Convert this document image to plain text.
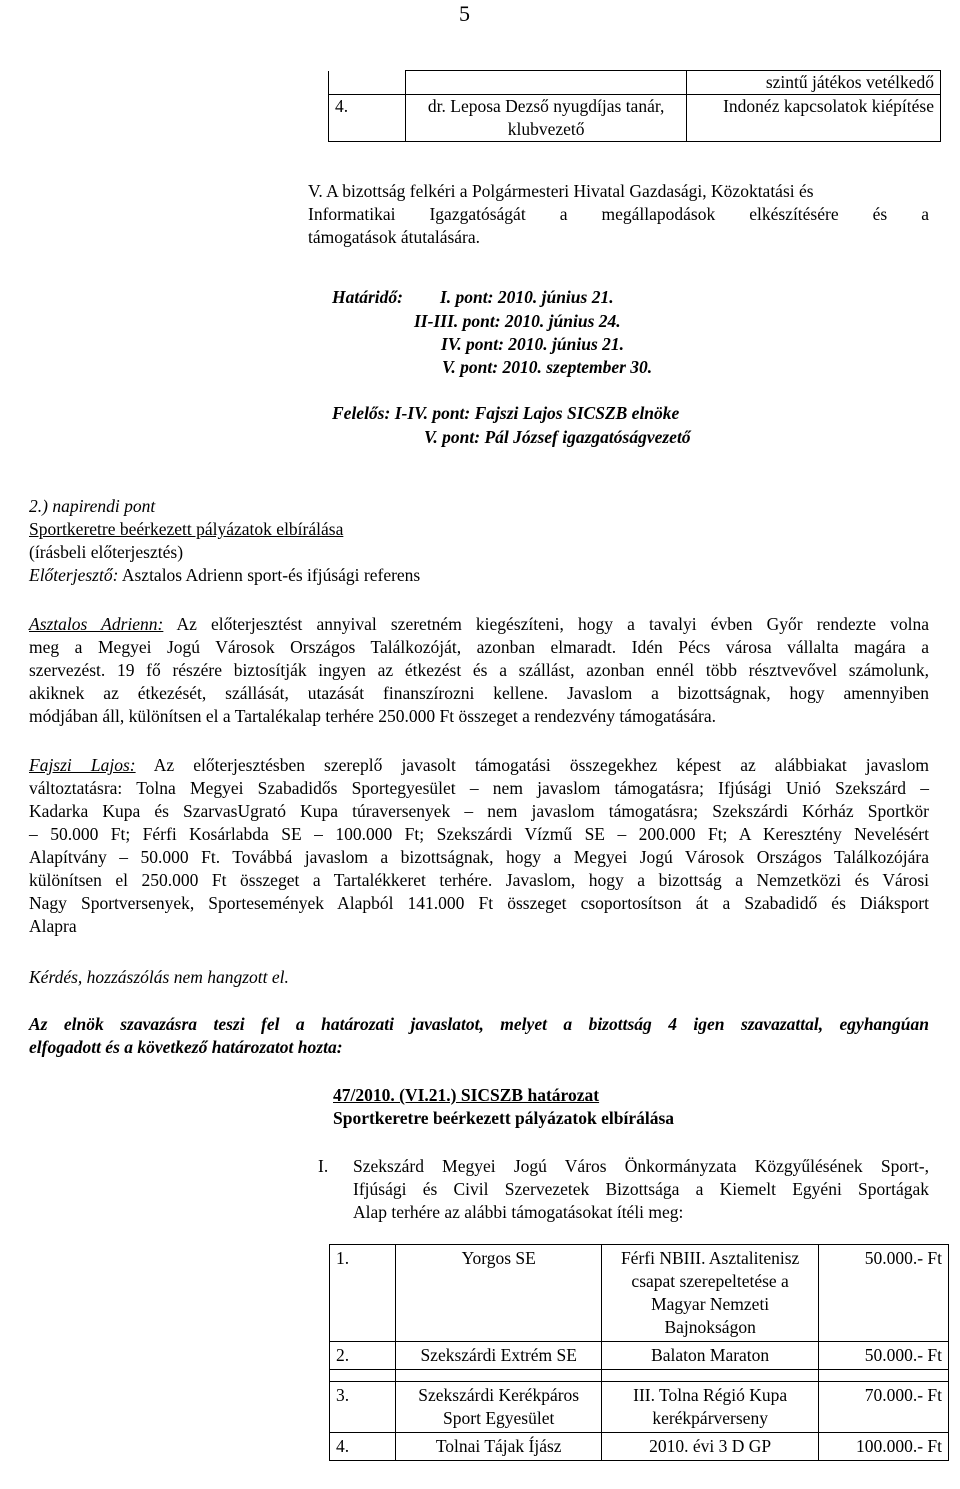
5
		szintű játékos vetélkedő
4.	dr. Leposa Dezső nyugdíjas tanár, klubvezető	Indonéz kapcsolatok kiépítése
V. A bizottság felkéri a Polgármesteri Hivatal Gazdasági, Közoktatási és
Informatikai Igazgatóságát a megállapodások elkészítésére és a
támogatások átutalására.
Határidő: I. pont: 2010. június 21.
II-III. pont: 2010. június 24.
IV. pont: 2010. június 21.
V. pont: 2010. szeptember 30.
Felelős: I-IV. pont: Fajszi Lajos SICSZB elnöke
V. pont: Pál József igazgatóságvezető
2.) napirendi pont
Sportkeretre beérkezett pályázatok elbírálása
(írásbeli előterjesztés)
Előterjesztő: Asztalos Adrienn sport-és ifjúsági referens
Asztalos Adrienn: Az előterjesztést annyival szeretném kiegészíteni, hogy a tavalyi évben Győr rendezte volna
meg a Megyei Jogú Városok Országos Találkozóját, azonban elmaradt. Idén Pécs városa vállalta magára a
szervezést. 19 fő részére biztosítják ingyen az étkezést és a szállást, azonban ennél több résztvevővel számolunk,
akiknek az étkezését, szállását, utazását finanszírozni kellene. Javaslom a bizottságnak, hogy amennyiben
módjában áll, különítsen el a Tartalékalap terhére 250.000 Ft összeget a rendezvény támogatására.
Fajszi Lajos: Az előterjesztésben szereplő javasolt támogatási összegekhez képest az alábbiakat javaslom
változtatásra: Tolna Megyei Szabadidős Sportegyesület – nem javaslom támogatásra; Ifjúsági Unió Szekszárd –
Kadarka Kupa és SzarvasUgrató Kupa túraversenyek – nem javaslom támogatásra; Szekszárdi Kórház Sportkör
– 50.000 Ft; Férfi Kosárlabda SE – 100.000 Ft; Szekszárdi Vízmű SE – 200.000 Ft; A Keresztény Nevelésért
Alapítvány – 50.000 Ft. Továbbá javaslom a bizottságnak, hogy a Megyei Jogú Városok Országos Találkozójára
különítsen el 250.000 Ft összeget a Tartalékkeret terhére. Javaslom, hogy a bizottság a Nemzetközi és Városi
Nagy Sportversenyek, Sportesemények Alapból 141.000 Ft összeget csoportosítson át a Szabadidő és Diáksport
Alapra
Kérdés, hozzászólás nem hangzott el.
Az elnök szavazásra teszi fel a határozati javaslatot, melyet a bizottság 4 igen szavazattal, egyhangúan
elfogadott és a következő határozatot hozta:
47/2010. (VI.21.) SICSZB határozat
Sportkeretre beérkezett pályázatok elbírálása
I. Szekszárd Megyei Jogú Város Önkormányzata Közgyűlésének Sport-,
Ifjúsági és Civil Szervezetek Bizottsága a Kiemelt Egyéni Sportágak
Alap terhére az alábbi támogatásokat ítéli meg:
1.	Yorgos SE	Férfi NBIII. Asztalitenisz csapat szerepeltetése a Magyar Nemzeti Bajnokságon	50.000.- Ft
2.	Szekszárdi Extrém SE	Balaton Maraton	50.000.- Ft

3.	Szekszárdi Kerékpáros Sport Egyesület	III. Tolna Régió Kupa kerékpárverseny	70.000.- Ft
4.	Tolnai Tájak Íjász	2010. évi 3 D GP	100.000.- Ft
